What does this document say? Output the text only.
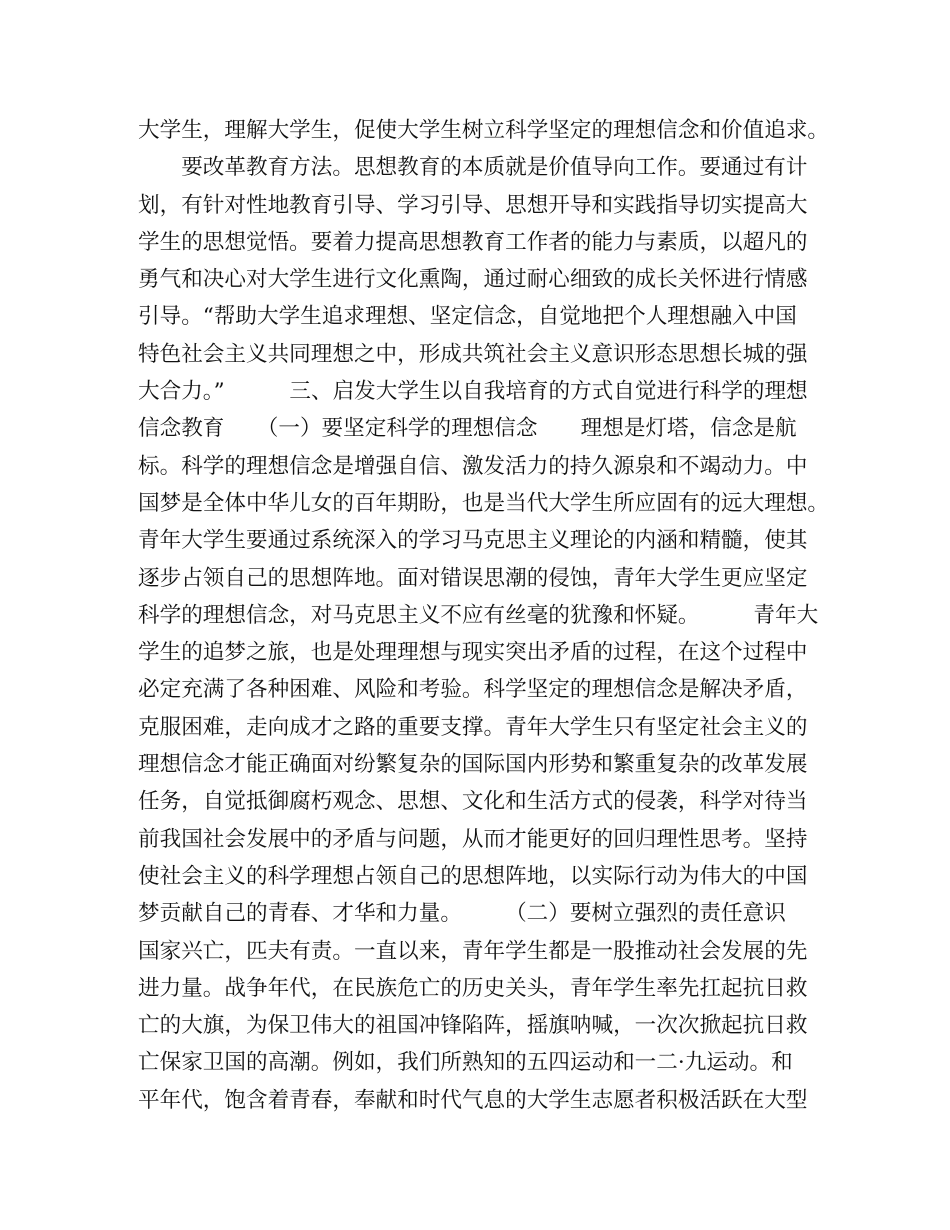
大学生，理解大学生，促使大学生树立科学坚定的理想信念和价值追求。
　　要改革教育方法。思想教育的本质就是价值导向工作。要通过有计
划，有针对性地教育引导、学习引导、思想开导和实践指导切实提高大
学生的思想觉悟。要着力提高思想教育工作者的能力与素质，以超凡的
勇气和决心对大学生进行文化熏陶，通过耐心细致的成长关怀进行情感
引导。“帮助大学生追求理想、坚定信念，自觉地把个人理想融入中国
特色社会主义共同理想之中，形成共筑社会主义意识形态思想长城的强
大合力。”　　　三、启发大学生以自我培育的方式自觉进行科学的理想
信念教育　　（一）要坚定科学的理想信念　　理想是灯塔，信念是航
标。科学的理想信念是增强自信、激发活力的持久源泉和不竭动力。中
国梦是全体中华儿女的百年期盼，也是当代大学生所应固有的远大理想。
青年大学生要通过系统深入的学习马克思主义理论的内涵和精髓，使其
逐步占领自己的思想阵地。面对错误思潮的侵蚀，青年大学生更应坚定
科学的理想信念，对马克思主义不应有丝毫的犹豫和怀疑。　　　青年大
学生的追梦之旅，也是处理理想与现实突出矛盾的过程，在这个过程中
必定充满了各种困难、风险和考验。科学坚定的理想信念是解决矛盾，
克服困难，走向成才之路的重要支撑。青年大学生只有坚定社会主义的
理想信念才能正确面对纷繁复杂的国际国内形势和繁重复杂的改革发展
任务，自觉抵御腐朽观念、思想、文化和生活方式的侵袭，科学对待当
前我国社会发展中的矛盾与问题，从而才能更好的回归理性思考。坚持
使社会主义的科学理想占领自己的思想阵地，以实际行动为伟大的中国
梦贡献自己的青春、才华和力量。　　　（二）要树立强烈的责任意识
国家兴亡，匹夫有责。一直以来，青年学生都是一股推动社会发展的先
进力量。战争年代，在民族危亡的历史关头，青年学生率先扛起抗日救
亡的大旗，为保卫伟大的祖国冲锋陷阵，摇旗呐喊，一次次掀起抗日救
亡保家卫国的高潮。例如，我们所熟知的五四运动和一二·九运动。和
平年代，饱含着青春，奉献和时代气息的大学生志愿者积极活跃在大型
